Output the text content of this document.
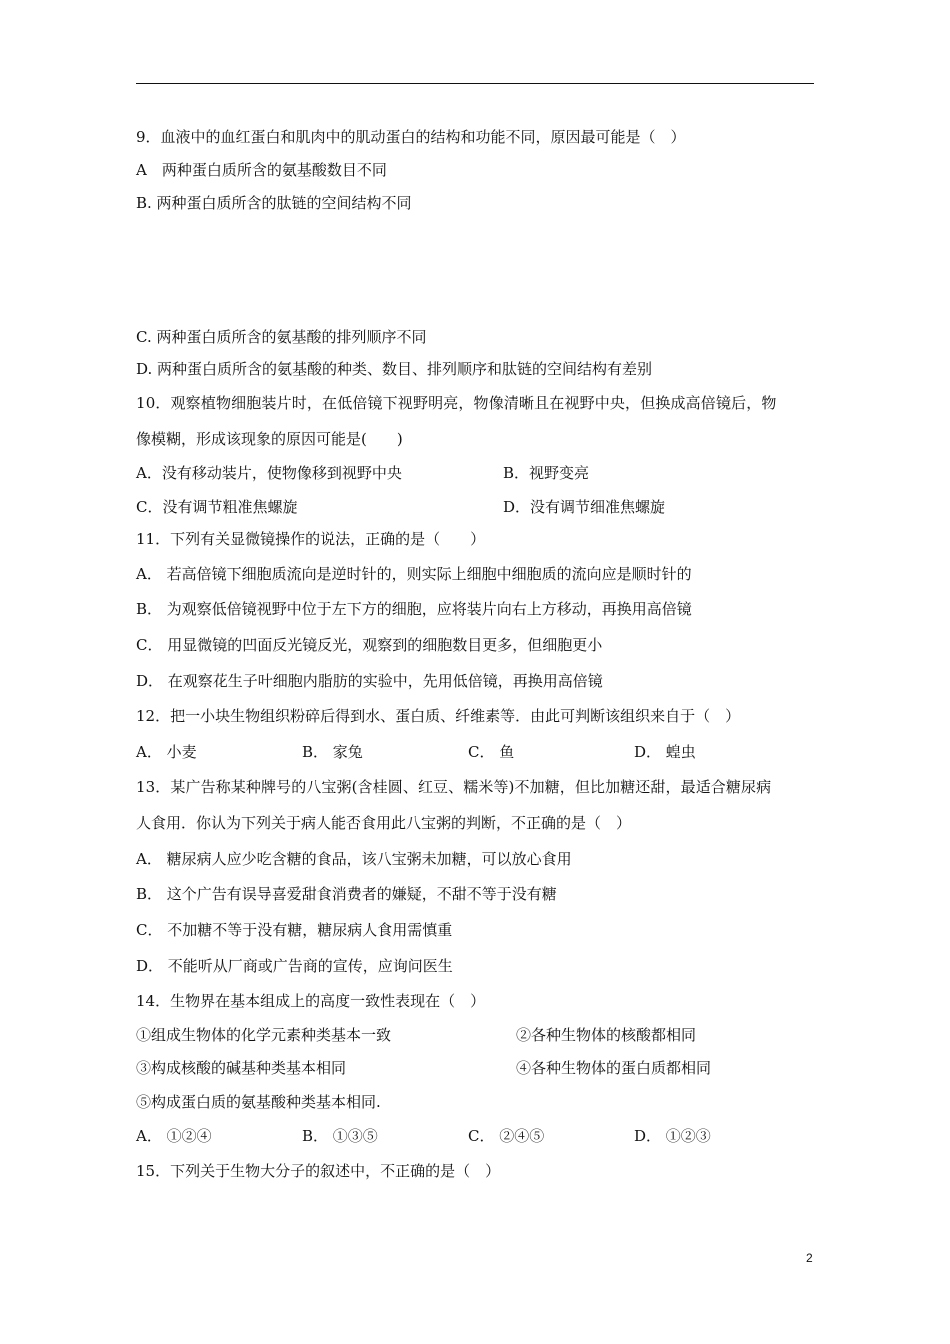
9．血液中的血红蛋白和肌肉中的肌动蛋白的结构和功能不同，原因最可能是（　）
A　两种蛋白质所含的氨基酸数目不同
B. 两种蛋白质所含的肽链的空间结构不同
C. 两种蛋白质所含的氨基酸的排列顺序不同
D. 两种蛋白质所含的氨基酸的种类、数目、排列顺序和肽链的空间结构有差别
10．观察植物细胞装片时，在低倍镜下视野明亮，物像清晰且在视野中央，但换成高倍镜后，物
像模糊，形成该现象的原因可能是(　　)
A．没有移动装片，使物像移到视野中央	B．视野变亮
C．没有调节粗准焦螺旋	D．没有调节细准焦螺旋
11．下列有关显微镜操作的说法，正确的是（　　）
A． 若高倍镜下细胞质流向是逆时针的，则实际上细胞中细胞质的流向应是顺时针的
B． 为观察低倍镜视野中位于左下方的细胞，应将装片向右上方移动，再换用高倍镜
C． 用显微镜的凹面反光镜反光，观察到的细胞数目更多，但细胞更小
D． 在观察花生子叶细胞内脂肪的实验中，先用低倍镜，再换用高倍镜
12．把一小块生物组织粉碎后得到水、蛋白质、纤维素等．由此可判断该组织来自于（　）
A． 小麦	B． 家兔	C． 鱼	D． 蝗虫
13．某广告称某种牌号的八宝粥(含桂圆、红豆、糯米等)不加糖，但比加糖还甜，最适合糖尿病
人食用．你认为下列关于病人能否食用此八宝粥的判断，不正确的是（　）
A． 糖尿病人应少吃含糖的食品，该八宝粥未加糖，可以放心食用
B． 这个广告有误导喜爱甜食消费者的嫌疑，不甜不等于没有糖
C． 不加糖不等于没有糖，糖尿病人食用需慎重
D． 不能听从厂商或广告商的宣传，应询问医生
14．生物界在基本组成上的高度一致性表现在（　）
①组成生物体的化学元素种类基本一致	②各种生物体的核酸都相同
③构成核酸的碱基种类基本相同	④各种生物体的蛋白质都相同
⑤构成蛋白质的氨基酸种类基本相同.
A． ①②④	B． ①③⑤	C． ②④⑤	D． ①②③
15．下列关于生物大分子的叙述中，不正确的是（　）
2
